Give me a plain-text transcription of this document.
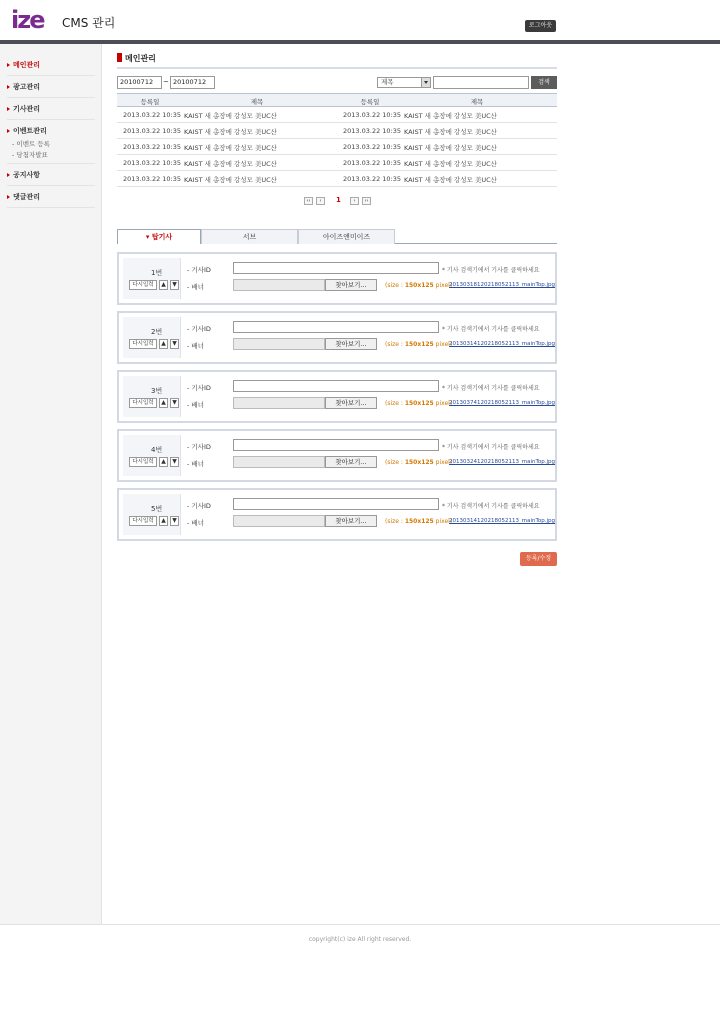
ize CMS 관리	로그아웃
메인관리
광고관리
기사관리
이벤트관리
- 이벤트 등록
- 당첨자발표
공지사항
댓글관리
메인관리
20100712	~ 20100712	제목	검색
등록일	제목	등록일	제목
2013.03.22 10:35 KAIST 새 총장에 강성모 美UC산	2013.03.22 10:35 KAIST 새 총장에 강성모 美UC산
2013.03.22 10:35 KAIST 새 총장에 강성모 美UC산	2013.03.22 10:35 KAIST 새 총장에 강성모 美UC산
2013.03.22 10:35 KAIST 새 총장에 강성모 美UC산	2013.03.22 10:35 KAIST 새 총장에 강성모 美UC산
2013.03.22 10:35 KAIST 새 총장에 강성모 美UC산	2013.03.22 10:35 KAIST 새 총장에 강성모 美UC산
2013.03.22 10:35 KAIST 새 총장에 강성모 美UC산	2013.03.22 10:35 KAIST 새 총장에 강성모 美UC산
‹‹	‹	1	›	››
▾ 탑기사	서브	아이즈앤미이즈
1번
다시입력	▲	▼
- 기사ID	* 기사 검색기에서 기사를 클릭하세요
- 배너	찾아보기...	(size : 150x125 pixel)
20130318120218052113_mainTop.jpg
2번
다시입력	▲	▼
- 기사ID	* 기사 검색기에서 기사를 클릭하세요
- 배너	찾아보기...	(size : 150x125 pixel)
20130314120218052113_mainTop.jpg
3번
다시입력	▲	▼
- 기사ID	* 기사 검색기에서 기사를 클릭하세요
- 배너	찾아보기...	(size : 150x125 pixel)
20130374120218052113_mainTop.jpg
4번
다시입력	▲	▼
- 기사ID	* 기사 검색기에서 기사를 클릭하세요
- 배너	찾아보기...	(size : 150x125 pixel)
20130324120218052113_mainTop.jpg
5번
다시입력	▲	▼
- 기사ID	* 기사 검색기에서 기사를 클릭하세요
- 배너	찾아보기...	(size : 150x125 pixel)
20130314120218052113_mainTop.jpg
등록/수정
copyright(c) ize All right reserved.
